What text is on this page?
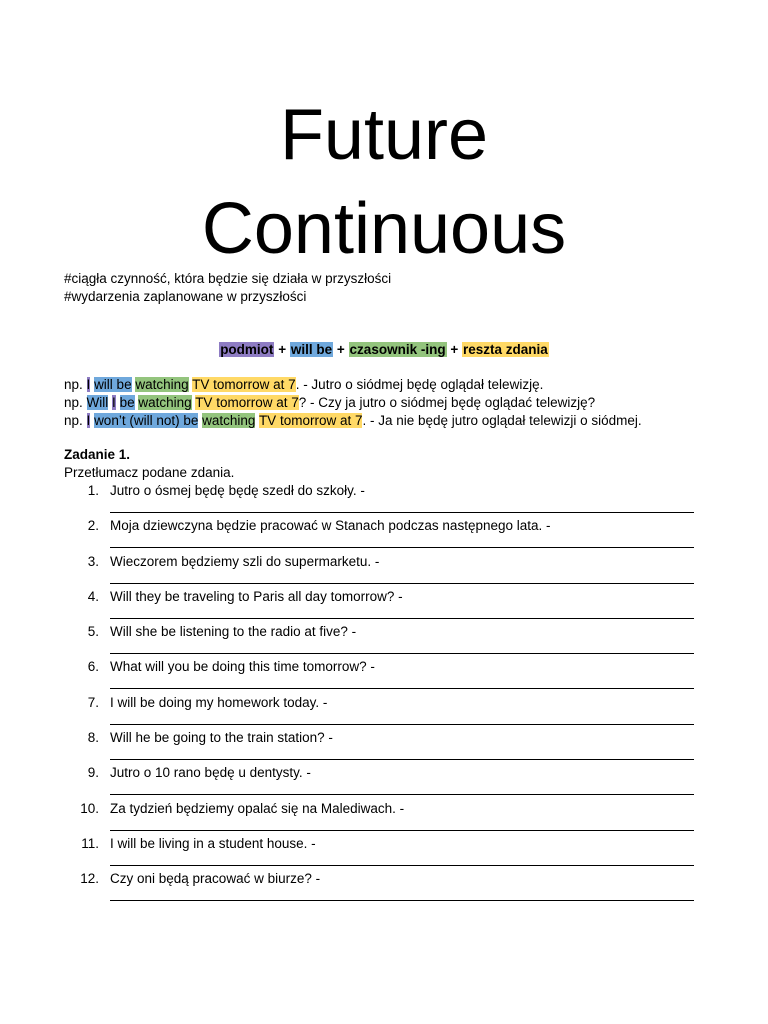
Future
Continuous
#ciągła czynność, która będzie się działa w przyszłości
#wydarzenia zaplanowane w przyszłości
podmiot + will be + czasownik -ing + reszta zdania
np. I will be watching TV tomorrow at 7. - Jutro o siódmej będę oglądał telewizję.
np. Will I be watching TV tomorrow at 7? - Czy ja jutro o siódmej będę oglądać telewizję?
np. I won’t (will not) be watching TV tomorrow at 7. - Ja nie będę jutro oglądał telewizji o siódmej.
Zadanie 1.
Przetłumacz podane zdania.
1. Jutro o ósmej będę będę szedł do szkoły. -
2. Moja dziewczyna będzie pracować w Stanach podczas następnego lata. -
3. Wieczorem będziemy szli do supermarketu. -
4. Will they be traveling to Paris all day tomorrow? -
5. Will she be listening to the radio at five? -
6. What will you be doing this time tomorrow? -
7. I will be doing my homework today. -
8. Will he be going to the train station? -
9. Jutro o 10 rano będę u dentysty. -
10. Za tydzień będziemy opalać się na Malediwach. -
11. I will be living in a student house. -
12. Czy oni będą pracować w biurze? -
